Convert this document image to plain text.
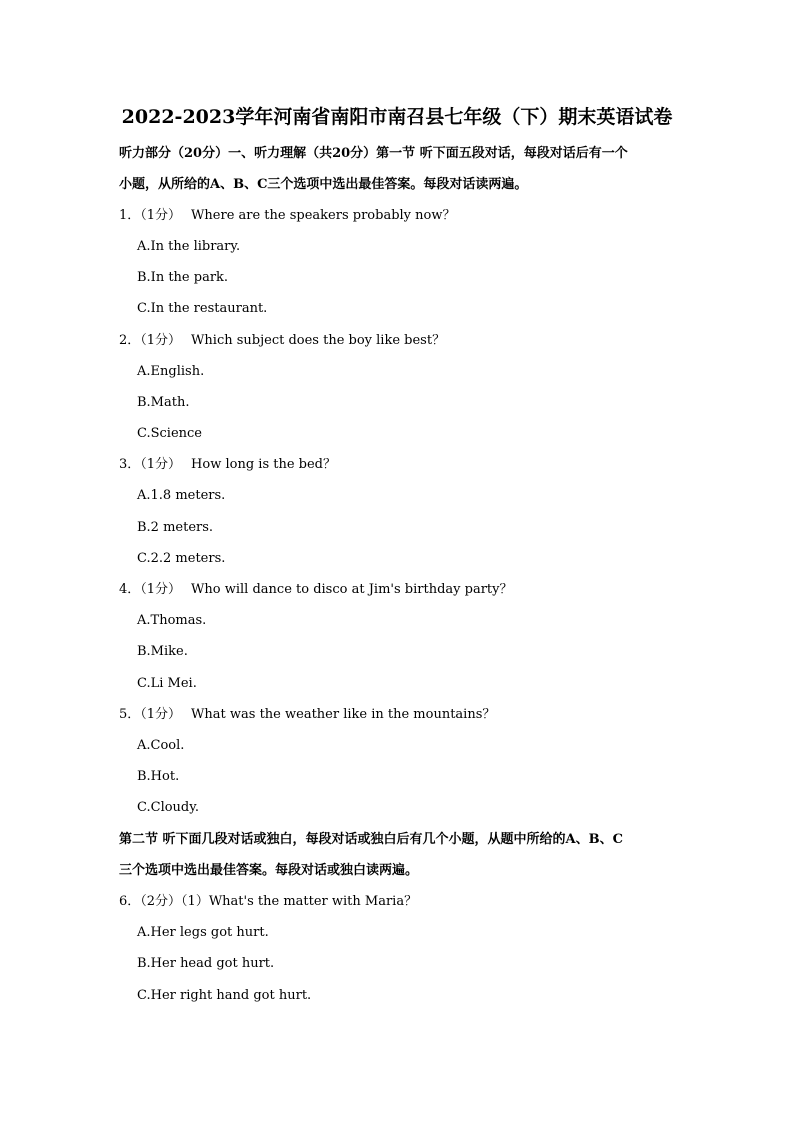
2022-2023学年河南省南阳市南召县七年级（下）期末英语试卷
听力部分（20分）一、听力理解（共20分）第一节 听下面五段对话，每段对话后有一个
小题，从所给的A、B、C三个选项中选出最佳答案。每段对话读两遍。
1．（1分） Where are the speakers probably now？
A.In the library.
B.In the park.
C.In the restaurant.
2．（1分） Which subject does the boy like best？
A.English.
B.Math.
C.Science
3．（1分） How long is the bed？
A.1.8 meters.
B.2 meters.
C.2.2 meters.
4．（1分） Who will dance to disco at Jim's birthday party？
A.Thomas.
B.Mike.
C.Li Mei.
5．（1分） What was the weather like in the mountains？
A.Cool.
B.Hot.
C.Cloudy.
第二节 听下面几段对话或独白，每段对话或独白后有几个小题，从题中所给的A、B、C
三个选项中选出最佳答案。每段对话或独白读两遍。
6．（2分）（1）What's the matter with Maria？
A.Her legs got hurt.
B.Her head got hurt.
C.Her right hand got hurt.
